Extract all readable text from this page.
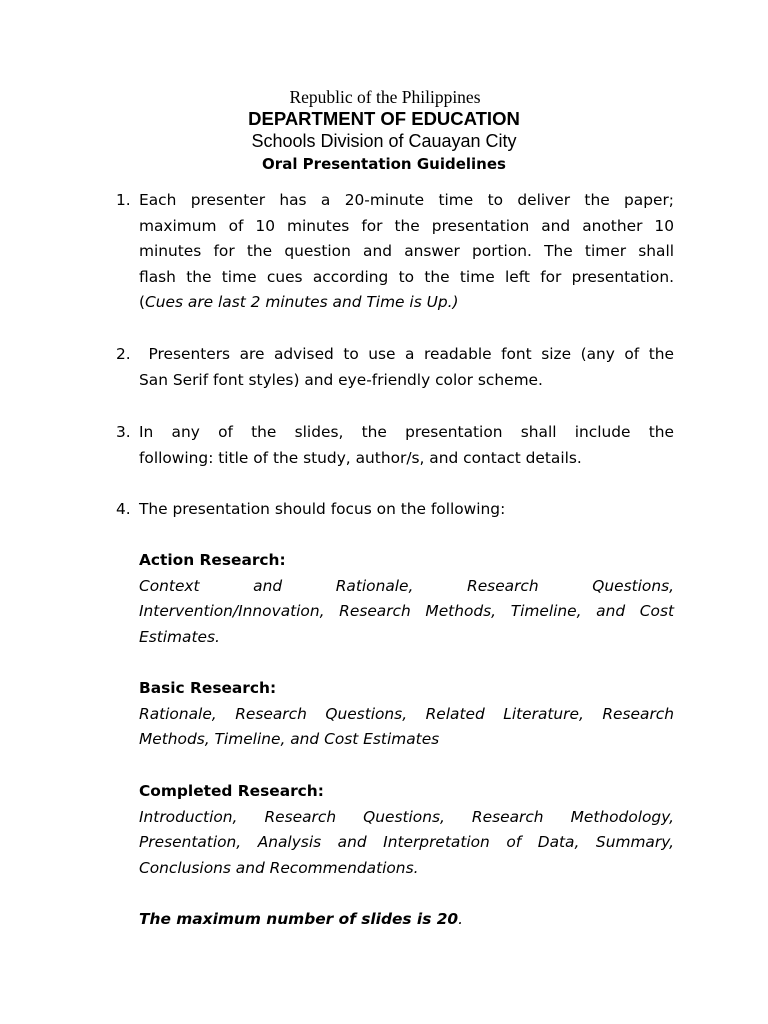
Republic of the Philippines
DEPARTMENT OF EDUCATION
Schools Division of Cauayan City
Oral Presentation Guidelines
1. Each presenter has a 20-minute time to deliver the paper;
maximum of 10 minutes for the presentation and another 10
minutes for the question and answer portion. The timer shall
flash the time cues according to the time left for presentation.
(Cues are last 2 minutes and Time is Up.)
2. Presenters are advised to use a readable font size (any of the
San Serif font styles) and eye-friendly color scheme.
3. In any of the slides, the presentation shall include the
following: title of the study, author/s, and contact details.
4. The presentation should focus on the following:
Action Research:
Context and Rationale, Research Questions,
Intervention/Innovation, Research Methods, Timeline, and Cost
Estimates.
Basic Research:
Rationale, Research Questions, Related Literature, Research
Methods, Timeline, and Cost Estimates
Completed Research:
Introduction, Research Questions, Research Methodology,
Presentation, Analysis and Interpretation of Data, Summary,
Conclusions and Recommendations.
The maximum number of slides is 20.
